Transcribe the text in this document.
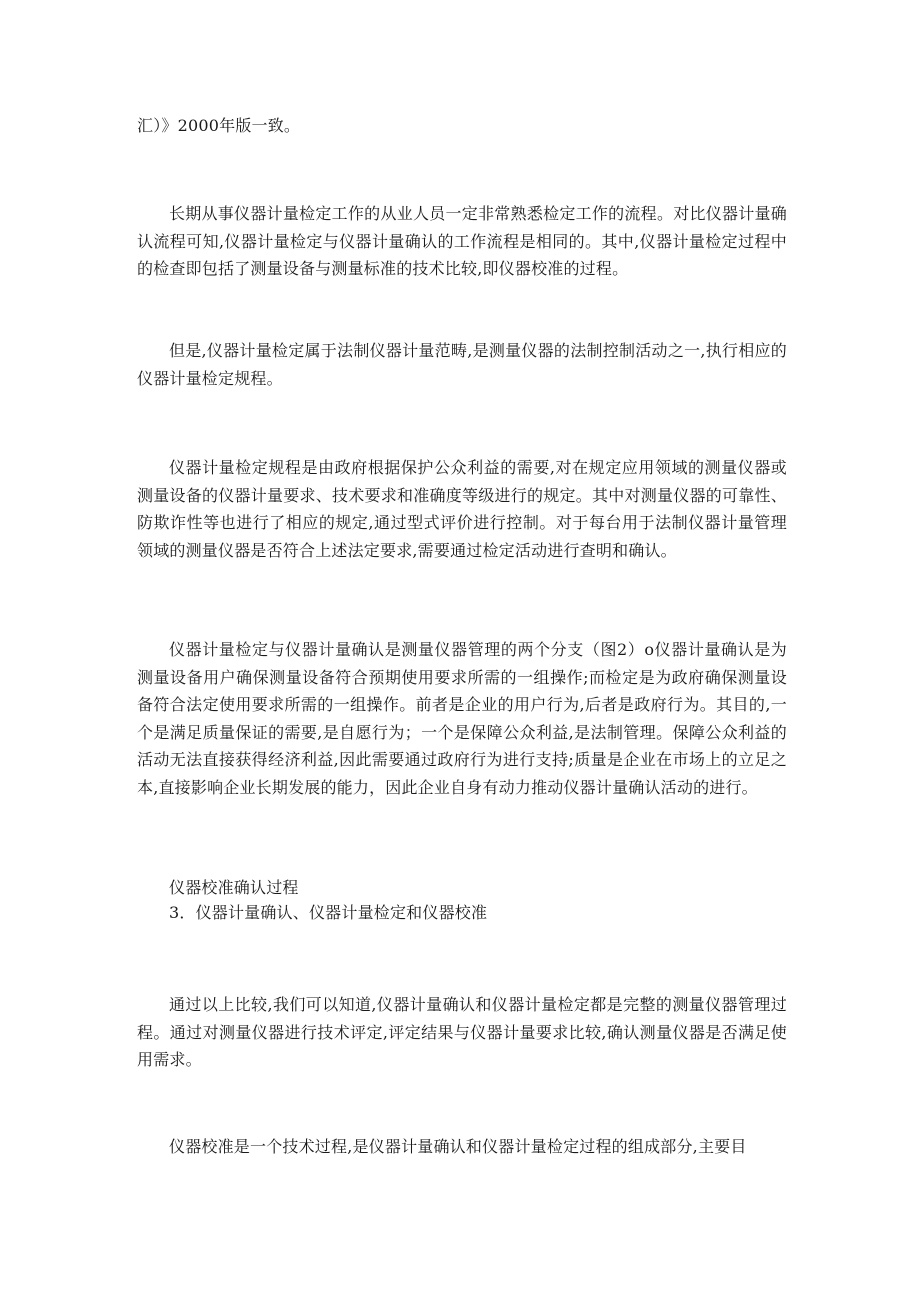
汇）》2000年版一致。

长期从事仪器计量检定工作的从业人员一定非常熟悉检定工作的流程。对比仪器计量确认流程可知,仪器计量检定与仪器计量确认的工作流程是相同的。其中,仪器计量检定过程中的检查即包括了测量设备与测量标准的技术比较,即仪器校准的过程。

但是,仪器计量检定属于法制仪器计量范畴,是测量仪器的法制控制活动之一,执行相应的仪器计量检定规程。

仪器计量检定规程是由政府根据保护公众利益的需要,对在规定应用领域的测量仪器或测量设备的仪器计量要求、技术要求和准确度等级进行的规定。其中对测量仪器的可靠性、防欺诈性等也进行了相应的规定,通过型式评价进行控制。对于每台用于法制仪器计量管理领域的测量仪器是否符合上述法定要求,需要通过检定活动进行查明和确认。

仪器计量检定与仪器计量确认是测量仪器管理的两个分支（图2）o仪器计量确认是为测量设备用户确保测量设备符合预期使用要求所需的一组操作;而检定是为政府确保测量设备符合法定使用要求所需的一组操作。前者是企业的用户行为,后者是政府行为。其目的,一个是满足质量保证的需要,是自愿行为；一个是保障公众利益,是法制管理。保障公众利益的活动无法直接获得经济利益,因此需要通过政府行为进行支持;质量是企业在市场上的立足之本,直接影响企业长期发展的能力，因此企业自身有动力推动仪器计量确认活动的进行。

仪器校准确认过程

3．仪器计量确认、仪器计量检定和仪器校准

通过以上比较,我们可以知道,仪器计量确认和仪器计量检定都是完整的测量仪器管理过程。通过对测量仪器进行技术评定,评定结果与仪器计量要求比较,确认测量仪器是否满足使用需求。

仪器校准是一个技术过程,是仪器计量确认和仪器计量检定过程的组成部分,主要目
